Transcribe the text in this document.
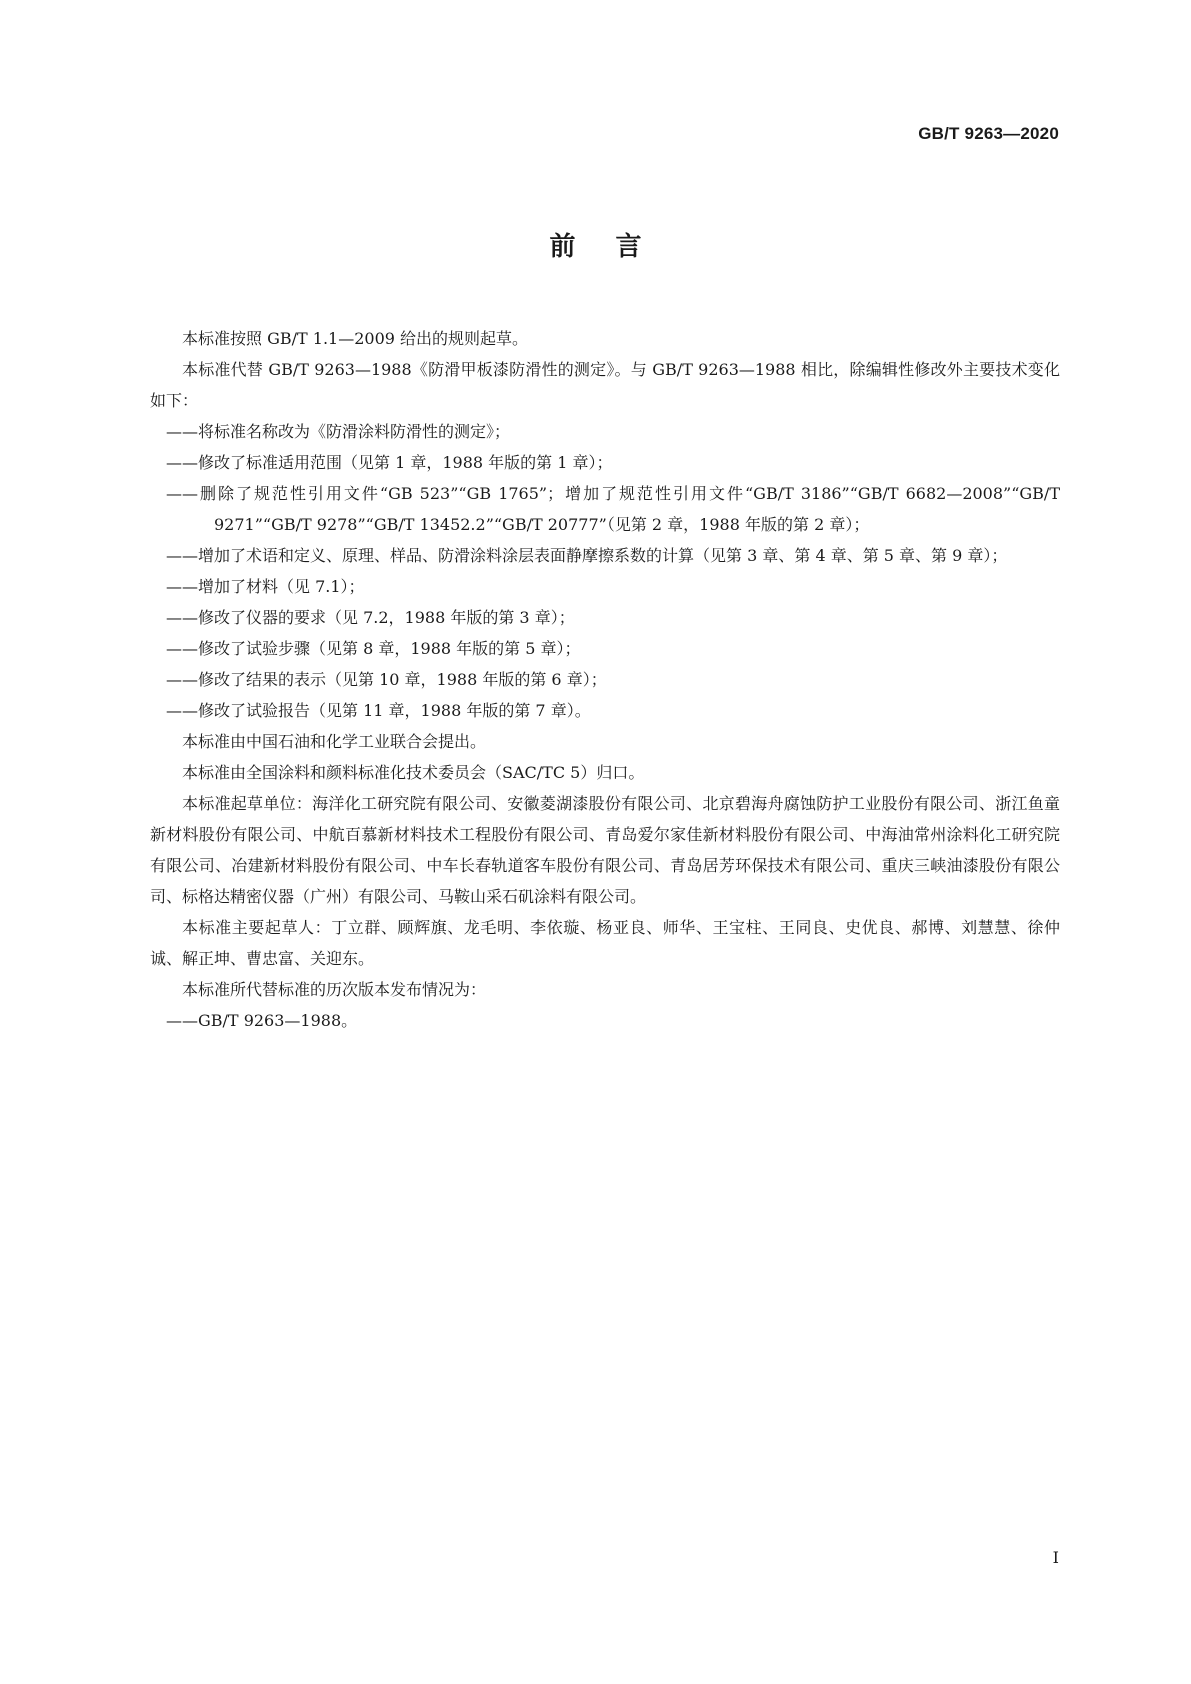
GB/T 9263—2020
前言

本标准按照 GB/T 1.1—2009 给出的规则起草。

本标准代替 GB/T 9263—1988《防滑甲板漆防滑性的测定》。与 GB/T 9263—1988 相比，除编辑性修改外主要技术变化如下：

——将标准名称改为《防滑涂料防滑性的测定》；

——修改了标准适用范围（见第 1 章，1988 年版的第 1 章）；

——删除了规范性引用文件“GB 523”“GB 1765”；增加了规范性引用文件“GB/T 3186”“GB/T 6682—2008”“GB/T 9271”“GB/T 9278”“GB/T 13452.2”“GB/T 20777”（见第 2 章，1988 年版的第 2 章）；

——增加了术语和定义、原理、样品、防滑涂料涂层表面静摩擦系数的计算（见第 3 章、第 4 章、第 5 章、第 9 章）；

——增加了材料（见 7.1）；

——修改了仪器的要求（见 7.2，1988 年版的第 3 章）；

——修改了试验步骤（见第 8 章，1988 年版的第 5 章）；

——修改了结果的表示（见第 10 章，1988 年版的第 6 章）；

——修改了试验报告（见第 11 章，1988 年版的第 7 章）。

本标准由中国石油和化学工业联合会提出。

本标准由全国涂料和颜料标准化技术委员会（SAC/TC 5）归口。

本标准起草单位：海洋化工研究院有限公司、安徽菱湖漆股份有限公司、北京碧海舟腐蚀防护工业股份有限公司、浙江鱼童新材料股份有限公司、中航百慕新材料技术工程股份有限公司、青岛爱尔家佳新材料股份有限公司、中海油常州涂料化工研究院有限公司、冶建新材料股份有限公司、中车长春轨道客车股份有限公司、青岛居芳环保技术有限公司、重庆三峡油漆股份有限公司、标格达精密仪器（广州）有限公司、马鞍山采石矶涂料有限公司。

本标准主要起草人：丁立群、顾辉旗、龙毛明、李依璇、杨亚良、师华、王宝柱、王同良、史优良、郝博、刘慧慧、徐仲诚、解正坤、曹忠富、关迎东。

本标准所代替标准的历次版本发布情况为：

——GB/T 9263—1988。

I
